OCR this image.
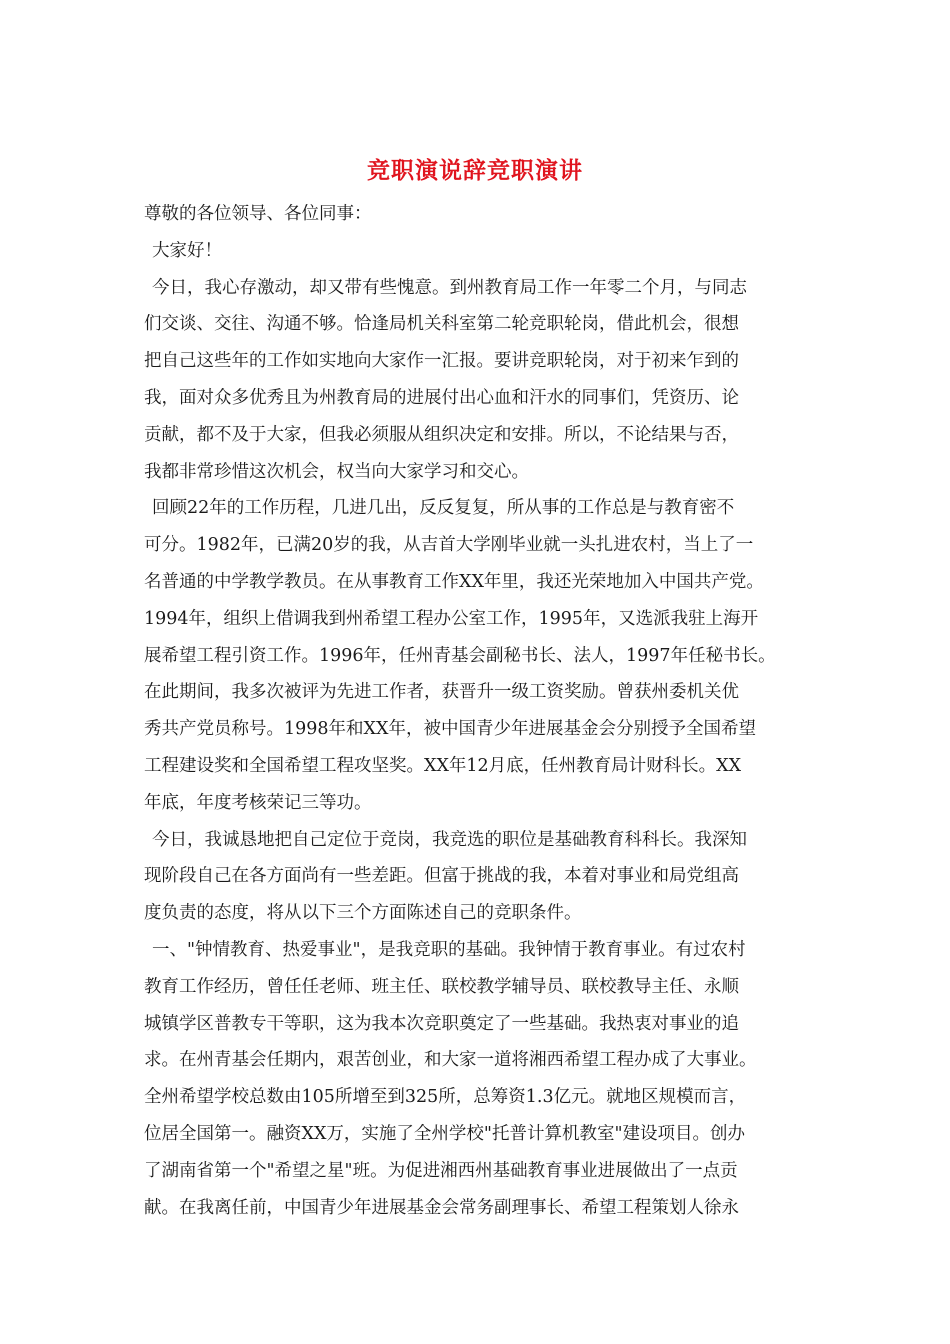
竞职演说辞竞职演讲
尊敬的各位领导、各位同事：
大家好！
今日，我心存激动，却又带有些愧意。到州教育局工作一年零二个月，与同志
们交谈、交往、沟通不够。恰逢局机关科室第二轮竞职轮岗，借此机会，很想
把自己这些年的工作如实地向大家作一汇报。要讲竞职轮岗，对于初来乍到的
我，面对众多优秀且为州教育局的进展付出心血和汗水的同事们，凭资历、论
贡献，都不及于大家，但我必须服从组织决定和安排。所以，不论结果与否，
我都非常珍惜这次机会，权当向大家学习和交心。
回顾22年的工作历程，几进几出，反反复复，所从事的工作总是与教育密不
可分。1982年，已满20岁的我，从吉首大学刚毕业就一头扎进农村，当上了一
名普通的中学教学教员。在从事教育工作XX年里，我还光荣地加入中国共产党。
1994年，组织上借调我到州希望工程办公室工作，1995年，又选派我驻上海开
展希望工程引资工作。1996年，任州青基会副秘书长、法人，1997年任秘书长。
在此期间，我多次被评为先进工作者，获晋升一级工资奖励。曾获州委机关优
秀共产党员称号。1998年和XX年，被中国青少年进展基金会分别授予全国希望
工程建设奖和全国希望工程攻坚奖。XX年12月底，任州教育局计财科长。XX
年底，年度考核荣记三等功。
今日，我诚恳地把自己定位于竞岗，我竞选的职位是基础教育科科长。我深知
现阶段自己在各方面尚有一些差距。但富于挑战的我，本着对事业和局党组高
度负责的态度，将从以下三个方面陈述自己的竞职条件。
一、"钟情教育、热爱事业"，是我竞职的基础。我钟情于教育事业。有过农村
教育工作经历，曾任任老师、班主任、联校教学辅导员、联校教导主任、永顺
城镇学区普教专干等职，这为我本次竞职奠定了一些基础。我热衷对事业的追
求。在州青基会任期内，艰苦创业，和大家一道将湘西希望工程办成了大事业。
全州希望学校总数由105所增至到325所，总筹资1.3亿元。就地区规模而言，
位居全国第一。融资XX万，实施了全州学校"托普计算机教室"建设项目。创办
了湖南省第一个"希望之星"班。为促进湘西州基础教育事业进展做出了一点贡
献。在我离任前，中国青少年进展基金会常务副理事长、希望工程策划人徐永
